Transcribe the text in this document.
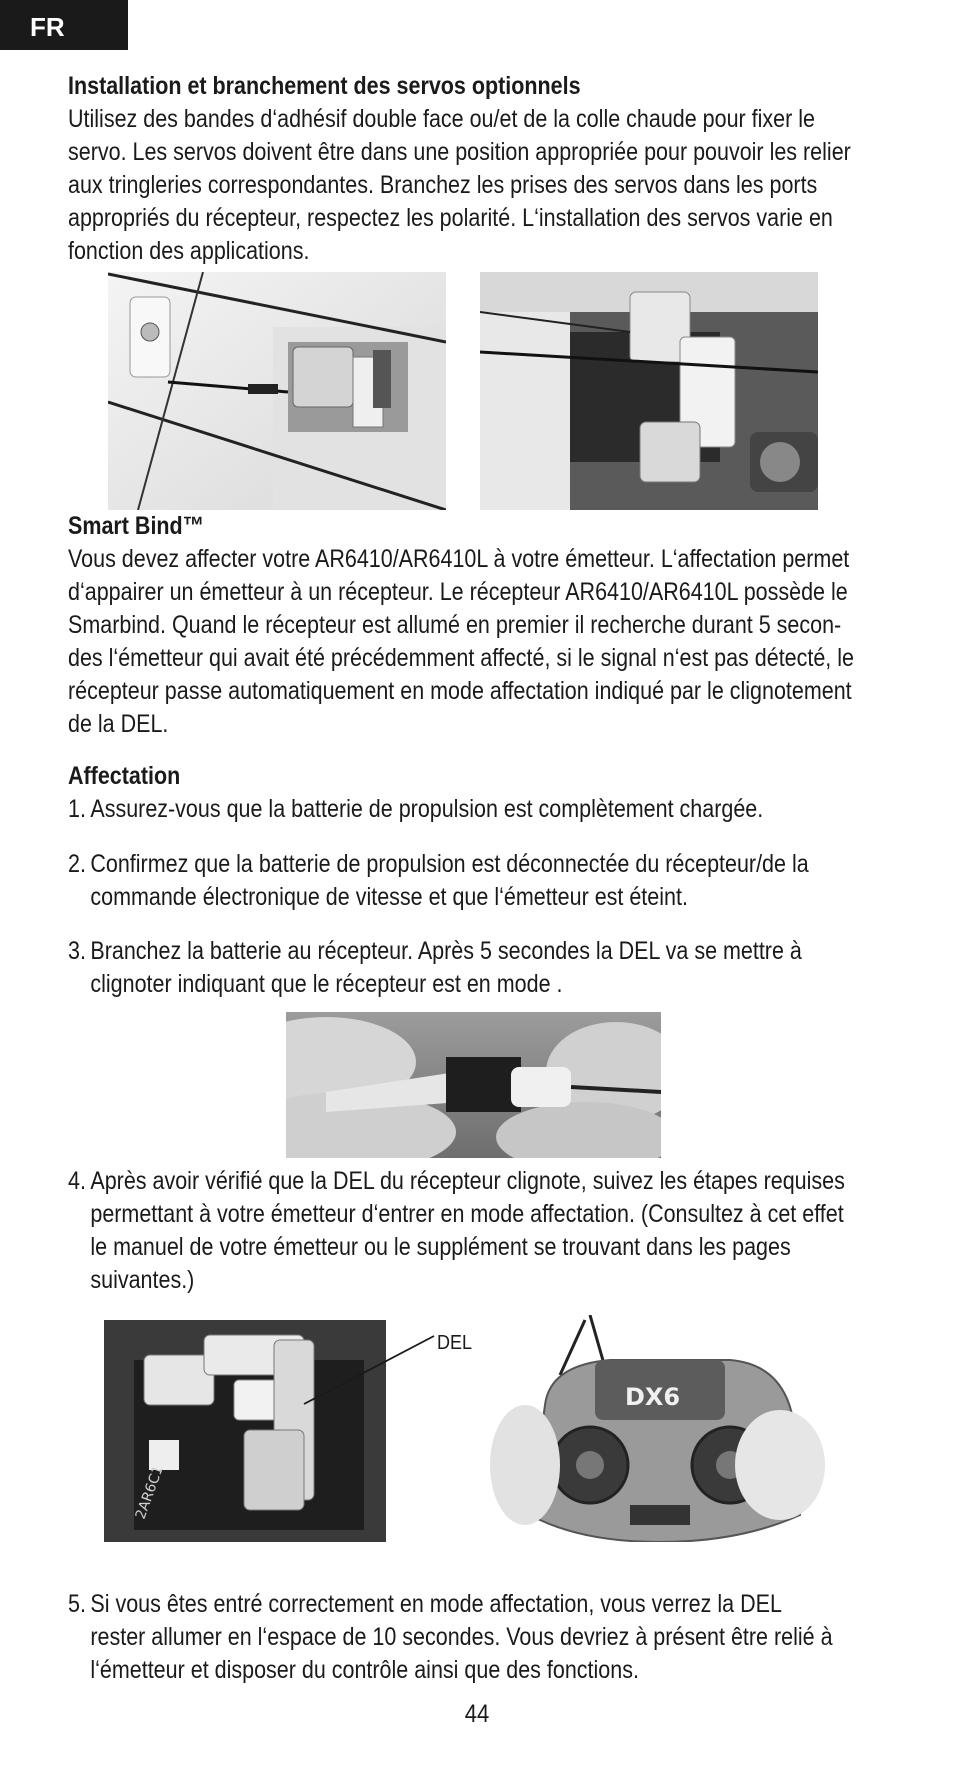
FR
Installation et branchement des servos optionnels
Utilisez des bandes d‘adhésif double face ou/et de la colle chaude pour fixer le
servo. Les servos doivent être dans une position appropriée pour pouvoir les relier
aux tringleries correspondantes. Branchez les prises des servos dans les ports
appropriés du récepteur, respectez les polarité. L‘installation des servos varie en
fonction des applications.
Smart Bind™
Vous devez affecter votre AR6410/AR6410L à votre émetteur. L‘affectation permet
d‘appairer un émetteur à un récepteur. Le récepteur AR6410/AR6410L possède le
Smarbind. Quand le récepteur est allumé en premier il recherche durant 5 secon-
des l‘émetteur qui avait été précédemment affecté, si le signal n‘est pas détecté, le
récepteur passe automatiquement en mode affectation indiqué par le clignotement
de la DEL.
Affectation
1. Assurez-vous que la batterie de propulsion est complètement chargée.
2. Confirmez que la batterie de propulsion est déconnectée du récepteur/de la
commande électronique de vitesse et que l‘émetteur est éteint.
3. Branchez la batterie au récepteur. Après 5 secondes la DEL va se mettre à
clignoter indiquant que le récepteur est en mode .
4. Après avoir vérifié que la DEL du récepteur clignote, suivez les étapes requises
permettant à votre émetteur d‘entrer en mode affectation. (Consultez à cet effet
le manuel de votre émetteur ou le supplément se trouvant dans les pages
suivantes.)
2AR6C1
DEL
DX6
5. Si vous êtes entré correctement en mode affectation, vous verrez la DEL
rester allumer en l‘espace de 10 secondes. Vous devriez à présent être relié à
l‘émetteur et disposer du contrôle ainsi que des fonctions.
44
